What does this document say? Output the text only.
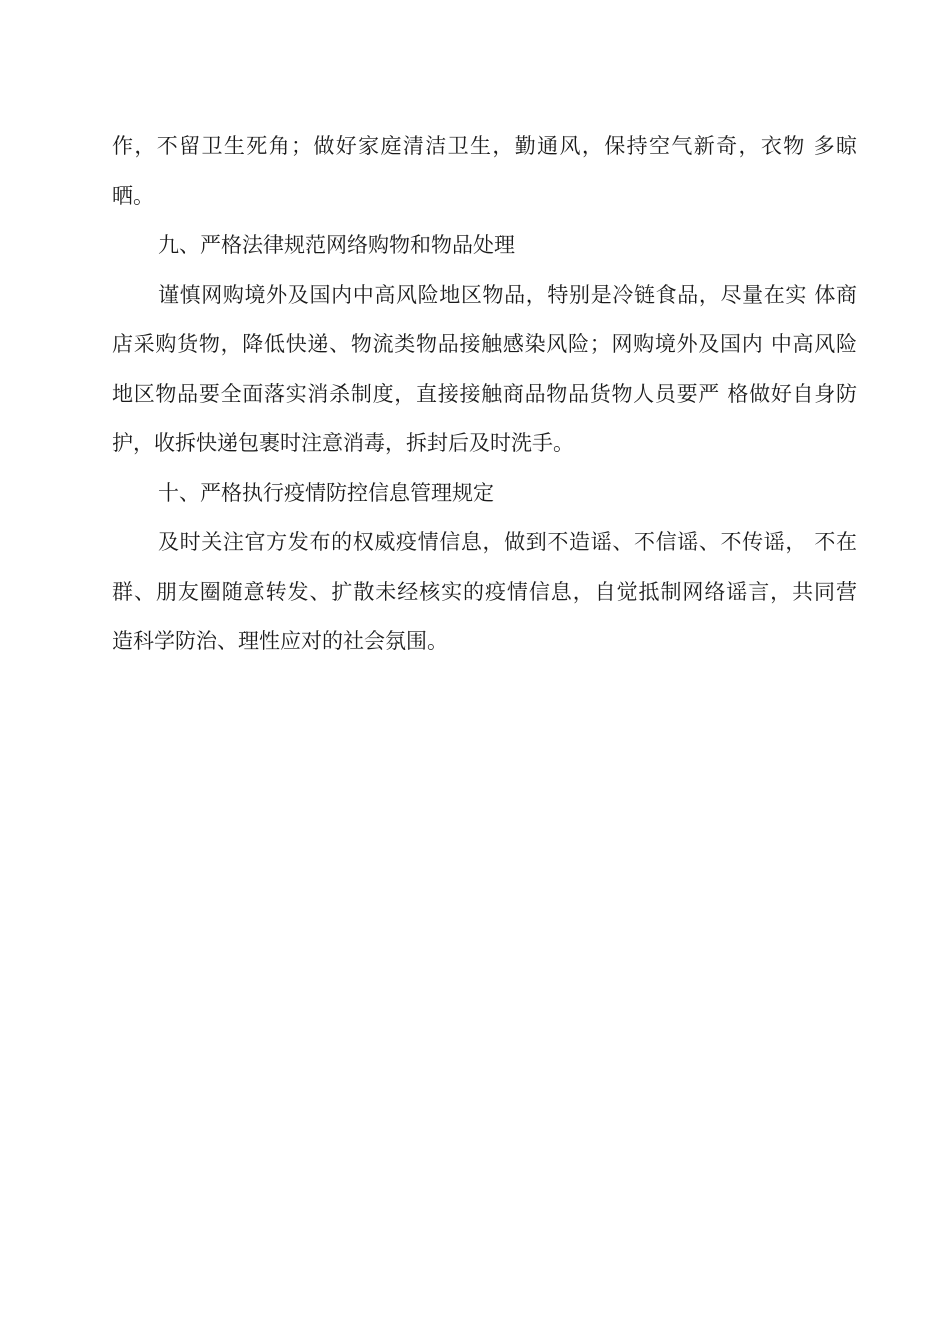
作，不留卫生死角；做好家庭清洁卫生，勤通风，保持空气新奇，衣物 多晾
晒。
九、严格法律规范网络购物和物品处理
谨慎网购境外及国内中高风险地区物品，特别是冷链食品，尽量在实 体商
店采购货物，降低快递、物流类物品接触感染风险；网购境外及国内 中高风险
地区物品要全面落实消杀制度，直接接触商品物品货物人员要严 格做好自身防
护，收拆快递包裹时注意消毒，拆封后及时洗手。
十、严格执行疫情防控信息管理规定
及时关注官方发布的权威疫情信息，做到不造谣、不信谣、不传谣， 不在
群、朋友圈随意转发、扩散未经核实的疫情信息，自觉抵制网络谣言，共同营
造科学防治、理性应对的社会氛围。
